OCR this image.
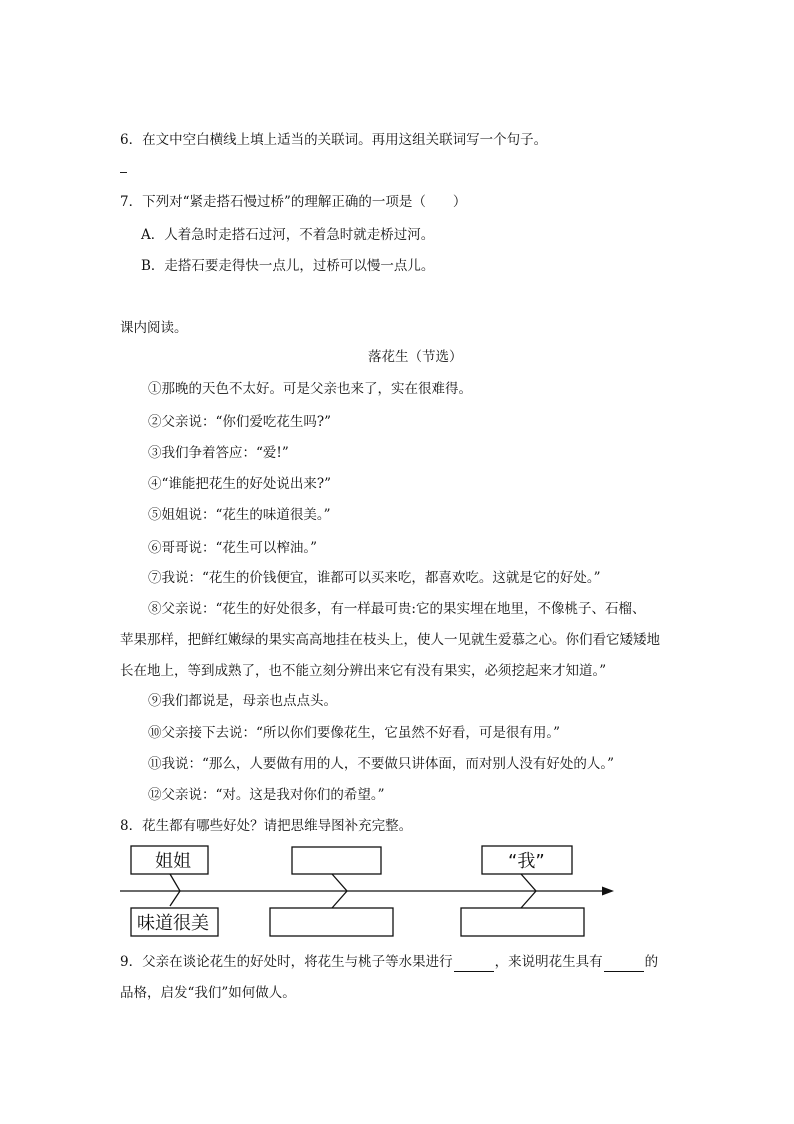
6．在文中空白横线上填上适当的关联词。再用这组关联词写一个句子。
7．下列对“紧走搭石慢过桥”的理解正确的一项是（　　）
A．人着急时走搭石过河，不着急时就走桥过河。
B．走搭石要走得快一点儿，过桥可以慢一点儿。
课内阅读。
落花生（节选）
①那晚的天色不太好。可是父亲也来了，实在很难得。
②父亲说：“你们爱吃花生吗?”
③我们争着答应：“爱!”
④“谁能把花生的好处说出来?”
⑤姐姐说：“花生的味道很美。”
⑥哥哥说：“花生可以榨油。”
⑦我说：“花生的价钱便宜，谁都可以买来吃，都喜欢吃。这就是它的好处。”
⑧父亲说：“花生的好处很多，有一样最可贵:它的果实埋在地里，不像桃子、石榴、
苹果那样，把鲜红嫩绿的果实高高地挂在枝头上，使人一见就生爱慕之心。你们看它矮矮地
长在地上，等到成熟了，也不能立刻分辨出来它有没有果实，必须挖起来才知道。”
⑨我们都说是，母亲也点点头。
⑩父亲接下去说：“所以你们要像花生，它虽然不好看，可是很有用。”
⑪我说：“那么，人要做有用的人，不要做只讲体面，而对别人没有好处的人。”
⑫父亲说：“对。这是我对你们的希望。”
8．花生都有哪些好处？请把思维导图补充完整。
姐姐	“我”
味道很美
9．父亲在谈论花生的好处时，将花生与桃子等水果进行	，来说明花生具有	的
品格，启发“我们”如何做人。
